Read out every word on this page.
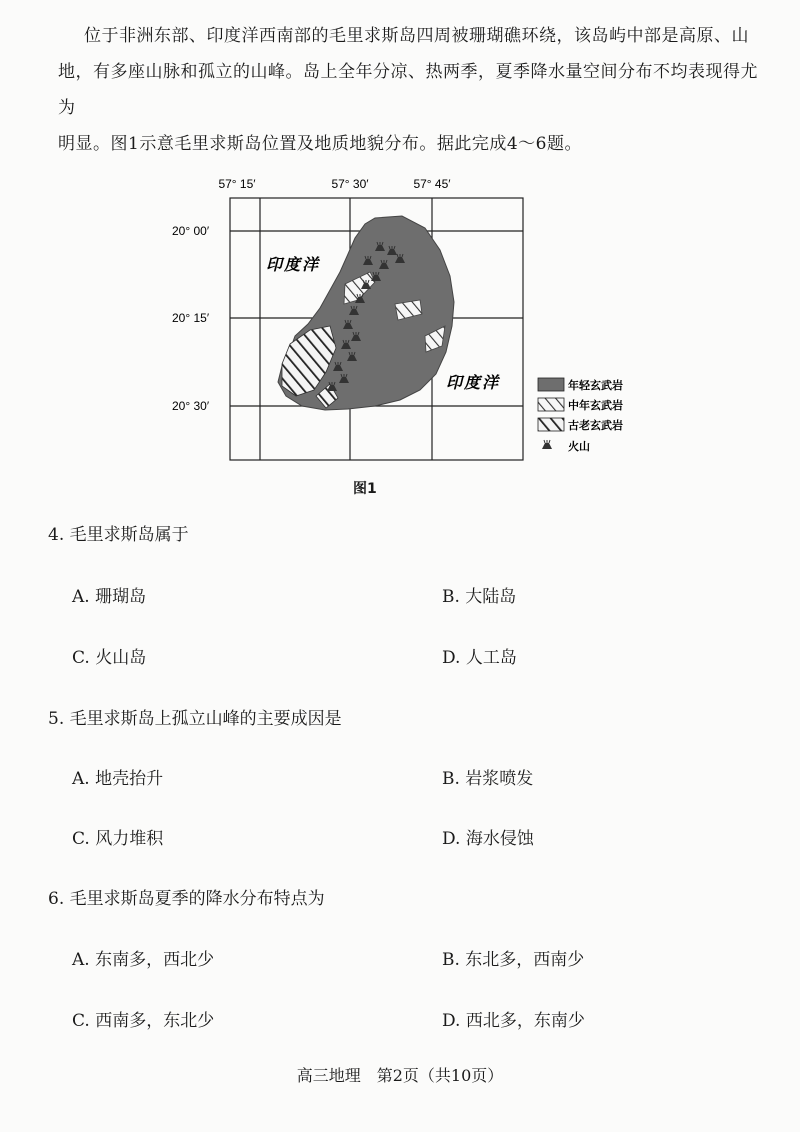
位于非洲东部、印度洋西南部的毛里求斯岛四周被珊瑚礁环绕，该岛屿中部是高原、山

地，有多座山脉和孤立的山峰。岛上全年分凉、热两季，夏季降水量空间分布不均表现得尤为

明显。图1示意毛里求斯岛位置及地质地貌分布。据此完成4～6题。

57° 15′	57° 30′	57° 45′
20° 00′
20° 15′
20° 30′
印度洋
印度洋	年轻玄武岩
中年玄武岩
古老玄武岩
火山
图1
4. 毛里求斯岛属于
A. 珊瑚岛	B. 大陆岛
C. 火山岛	D. 人工岛
5. 毛里求斯岛上孤立山峰的主要成因是
A. 地壳抬升	B. 岩浆喷发
C. 风力堆积	D. 海水侵蚀
6. 毛里求斯岛夏季的降水分布特点为
A. 东南多，西北少	B. 东北多，西南少
C. 西南多，东北少	D. 西北多，东南少
高三地理　第2页（共10页）
